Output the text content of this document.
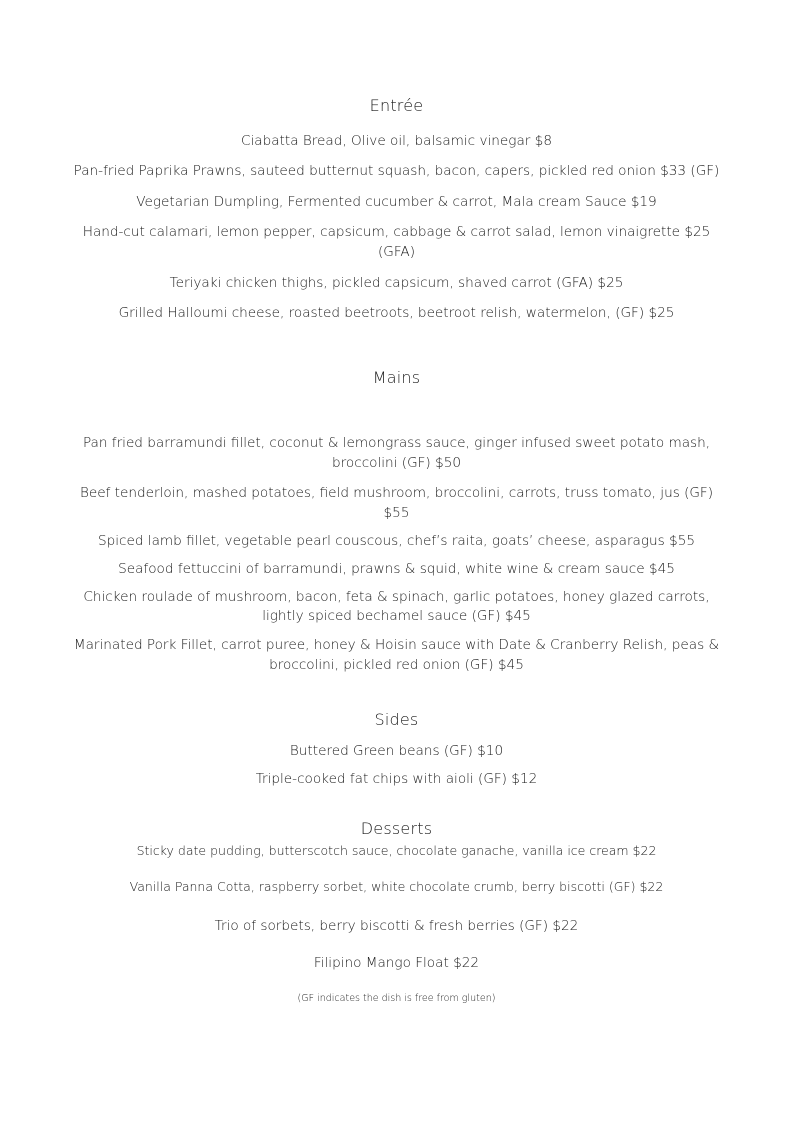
Entrée
Ciabatta Bread, Olive oil, balsamic vinegar $8
Pan-fried Paprika Prawns, sauteed butternut squash, bacon, capers, pickled red onion $33 (GF)
Vegetarian Dumpling, Fermented cucumber & carrot, Mala cream Sauce $19
Hand-cut calamari, lemon pepper, capsicum, cabbage & carrot salad, lemon vinaigrette $25
(GFA)
Teriyaki chicken thighs, pickled capsicum, shaved carrot (GFA) $25
Grilled Halloumi cheese, roasted beetroots, beetroot relish, watermelon, (GF) $25
Mains
Pan fried barramundi fillet, coconut & lemongrass sauce, ginger infused sweet potato mash,
broccolini (GF) $50
Beef tenderloin, mashed potatoes, field mushroom, broccolini, carrots, truss tomato, jus (GF)
$55
Spiced lamb fillet, vegetable pearl couscous, chef’s raita, goats’ cheese, asparagus $55
Seafood fettuccini of barramundi, prawns & squid, white wine & cream sauce $45
Chicken roulade of mushroom, bacon, feta & spinach, garlic potatoes, honey glazed carrots,
lightly spiced bechamel sauce (GF) $45
Marinated Pork Fillet, carrot puree, honey & Hoisin sauce with Date & Cranberry Relish, peas &
broccolini, pickled red onion (GF) $45
Sides
Buttered Green beans (GF) $10
Triple-cooked fat chips with aioli (GF) $12
Desserts
Sticky date pudding, butterscotch sauce, chocolate ganache, vanilla ice cream $22
Vanilla Panna Cotta, raspberry sorbet, white chocolate crumb, berry biscotti (GF) $22
Trio of sorbets, berry biscotti & fresh berries (GF) $22
Filipino Mango Float $22
(GF indicates the dish is free from gluten)
